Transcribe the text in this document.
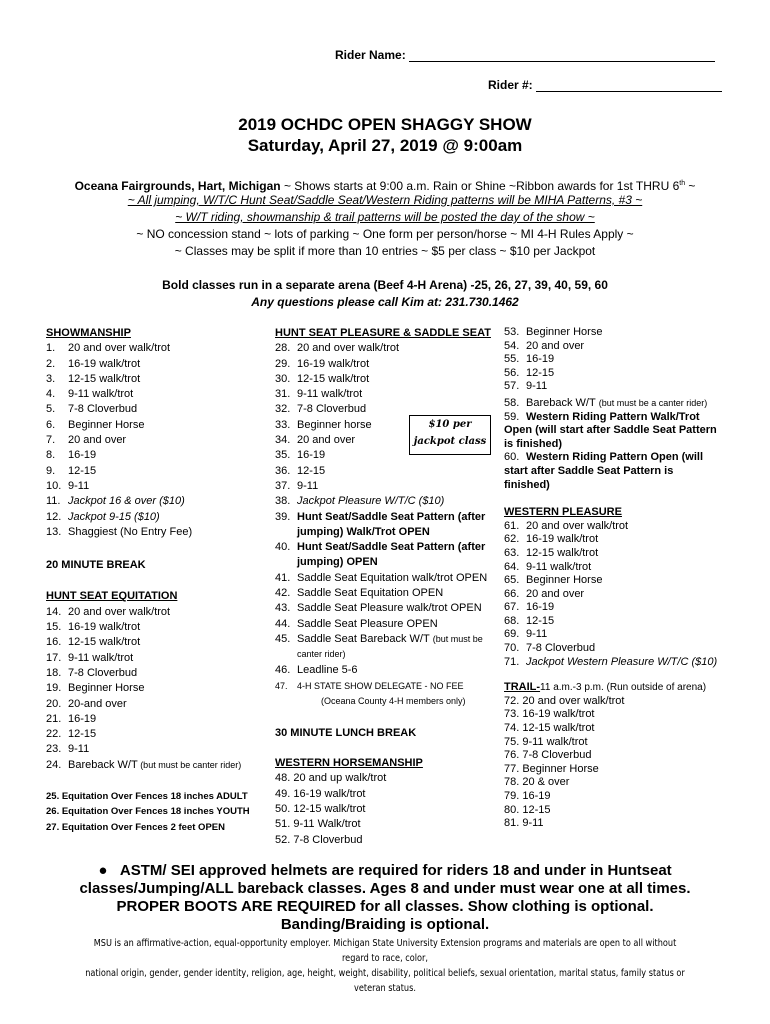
Rider Name:
Rider #:
2019 OCHDC OPEN SHAGGY SHOW
Saturday, April 27, 2019 @ 9:00am
Oceana Fairgrounds, Hart, Michigan ~ Shows starts at 9:00 a.m. Rain or Shine ~Ribbon awards for 1st THRU 6th ~
~ All jumping, W/T/C Hunt Seat/Saddle Seat/Western Riding patterns will be MIHA Patterns, #3 ~
~ W/T riding, showmanship & trail patterns will be posted the day of the show ~
~ NO concession stand ~ lots of parking ~ One form per person/horse ~ MI 4-H Rules Apply ~
~ Classes may be split if more than 10 entries ~ $5 per class ~ $10 per Jackpot
Bold classes run in a separate arena (Beef 4-H Arena) -25, 26, 27, 39, 40, 59, 60
Any questions please call Kim at: 231.730.1462
SHOWMANSHIP
1.	20 and over walk/trot
2.	16-19 walk/trot
3.	12-15 walk/trot
4.	9-11 walk/trot
5.	7-8 Cloverbud
6.	Beginner Horse
7.	20 and over
8.	16-19
9.	12-15
10. 9-11
11. Jackpot 16 & over ($10)
12. Jackpot 9-15 ($10)
13. Shaggiest (No Entry Fee)
20 MINUTE BREAK
HUNT SEAT EQUITATION
14. 20 and over walk/trot
15. 16-19 walk/trot
16. 12-15 walk/trot
17. 9-11 walk/trot
18. 7-8 Cloverbud
19. Beginner Horse
20. 20-and over
21. 16-19
22. 12-15
23. 9-11
24. Bareback W/T (but must be canter rider)
25. Equitation Over Fences 18 inches ADULT
26. Equitation Over Fences 18 inches YOUTH
27. Equitation Over Fences 2 feet OPEN
HUNT SEAT PLEASURE & SADDLE SEAT
28. 20 and over walk/trot
29. 16-19 walk/trot
30. 12-15 walk/trot
31. 9-11 walk/trot
32. 7-8 Cloverbud
33. Beginner horse
34. 20 and over
35. 16-19
36. 12-15
37. 9-11
38. Jackpot Pleasure W/T/C ($10)
39. Hunt Seat/Saddle Seat Pattern (after
jumping) Walk/Trot OPEN
40. Hunt Seat/Saddle Seat Pattern (after
jumping) OPEN
41. Saddle Seat Equitation walk/trot OPEN
42. Saddle Seat Equitation OPEN
43. Saddle Seat Pleasure walk/trot OPEN
44. Saddle Seat Pleasure OPEN
45. Saddle Seat Bareback W/T
(but must be
canter rider)
46. Leadline 5-6
47.	4-H STATE SHOW DELEGATE - NO FEE
(Oceana County 4-H members only)
30 MINUTE LUNCH BREAK
WESTERN HORSEMANSHIP
48. 20 and up walk/trot
49. 16-19 walk/trot
50. 12-15 walk/trot
51. 9-11 Walk/trot
52. 7-8 Cloverbud
$10 per
jackpot class
53. Beginner Horse
54. 20 and over
55. 16-19
56. 12-15
57. 9-11
58. Bareback W/T
(but must be a canter rider)
59. Western Riding Pattern Walk/Trot
Open (will start after Saddle Seat Pattern
is finished)
60. Western Riding Pattern Open (will
start after Saddle Seat Pattern is
finished)
WESTERN PLEASURE
61. 20 and over walk/trot
62. 16-19 walk/trot
63. 12-15 walk/trot
64. 9-11 walk/trot
65. Beginner Horse
66. 20 and over
67. 16-19
68. 12-15
69. 9-11
70. 7-8 Cloverbud
71. Jackpot Western Pleasure W/T/C ($10)
TRAIL-11 a.m.-3 p.m. (Run outside of arena)
72. 20 and over walk/trot
73. 16-19 walk/trot
74. 12-15 walk/trot
75. 9-11 walk/trot
76. 7-8 Cloverbud
77. Beginner Horse
78. 20 & over
79. 16-19
80. 12-15
81. 9-11
●   ASTM/ SEI approved helmets are required for riders 18 and under in Huntseat
classes/Jumping/ALL bareback classes. Ages 8 and under must wear one at all times.
PROPER BOOTS ARE REQUIRED for all classes. Show clothing is optional.
Banding/Braiding is optional.
MSU is an affirmative-action, equal-opportunity employer. Michigan State University Extension programs and materials are open to all without regard to race, color,
national origin, gender, gender identity, religion, age, height, weight, disability, political beliefs, sexual orientation, marital status, family status or veteran status.
